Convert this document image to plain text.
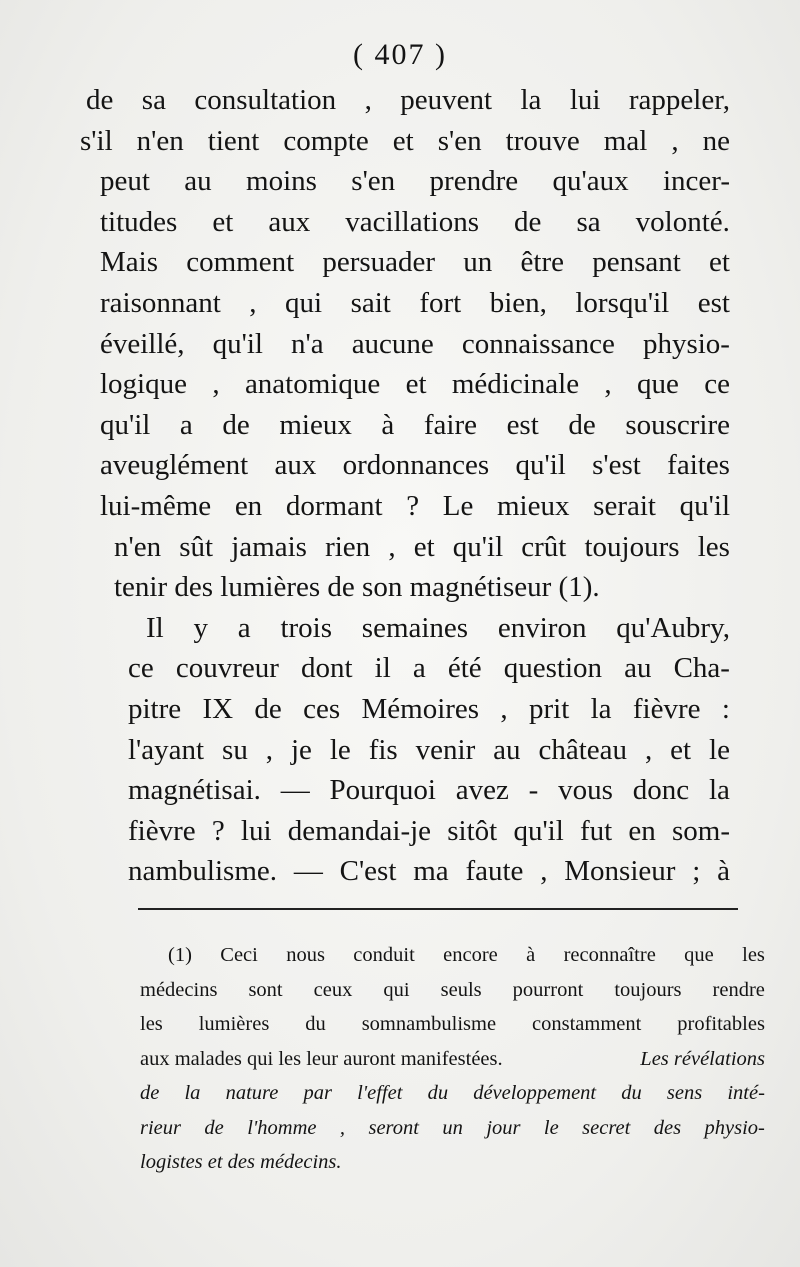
( 407 )
de sa consultation , peuvent la lui rappeler,
s'il n'en tient compte et s'en trouve mal , ne
peut au moins s'en prendre qu'aux incer-
titudes et aux vacillations de sa volonté.
Mais comment persuader un être pensant et
raisonnant , qui sait fort bien, lorsqu'il est
éveillé, qu'il n'a aucune connaissance physio-
logique , anatomique et médicinale , que ce
qu'il a de mieux à faire est de souscrire
aveuglément aux ordonnances qu'il s'est faites
lui-même en dormant ? Le mieux serait qu'il
n'en sût jamais rien , et qu'il crût toujours les
tenir des lumières de son magnétiseur (1).
Il y a trois semaines environ qu'Aubry,
ce couvreur dont il a été question au Cha-
pitre IX de ces Mémoires , prit la fièvre :
l'ayant su , je le fis venir au château , et le
magnétisai. — Pourquoi avez - vous donc la
fièvre ? lui demandai-je sitôt qu'il fut en som-
nambulisme. — C'est ma faute , Monsieur ; à
(1) Ceci nous conduit encore à reconnaître que les
médecins sont ceux qui seuls pourront toujours rendre
les lumières du somnambulisme constamment profitables
aux malades qui les leur auront manifestées.	Les révélations
de la nature par l'effet du développement du sens inté-
rieur de l'homme , seront un jour le secret des physio-
logistes et des médecins.
